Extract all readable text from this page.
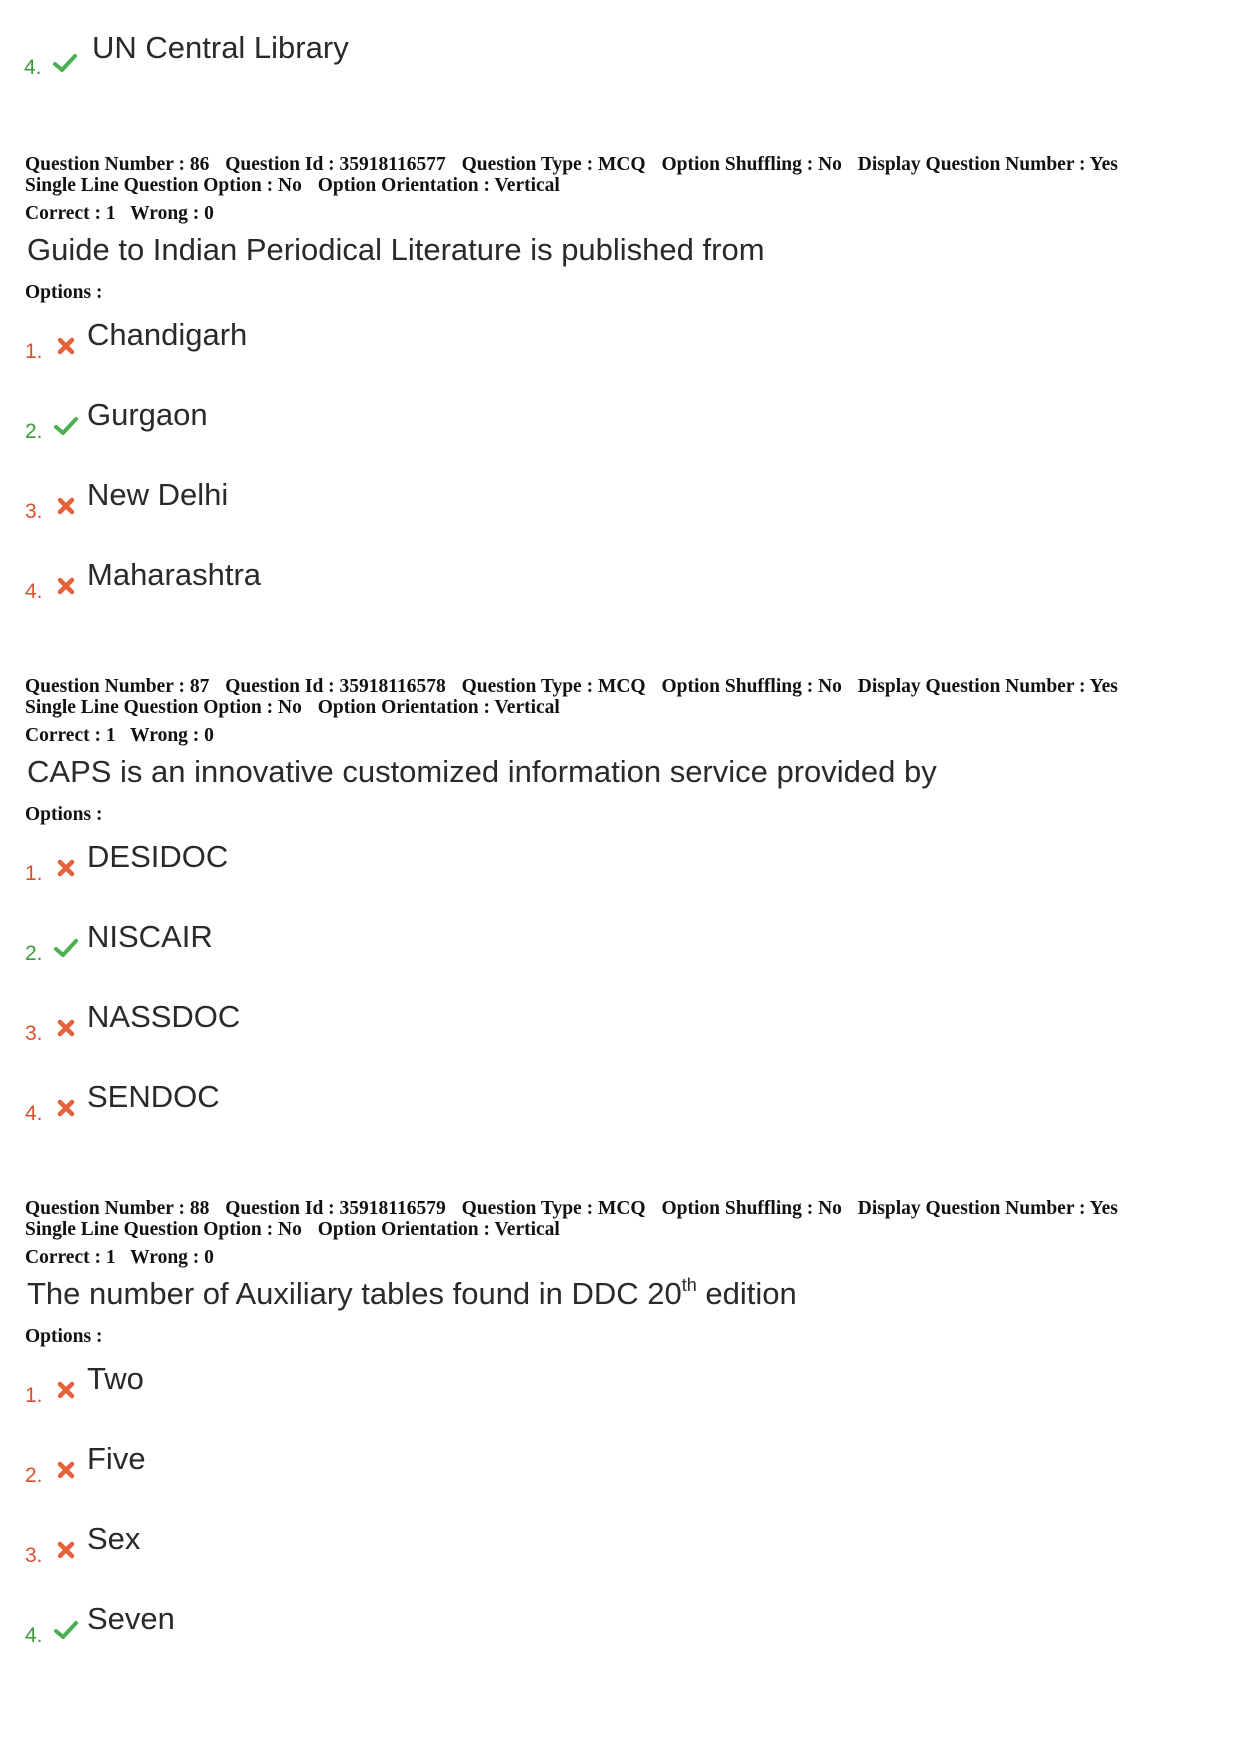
4.
UN Central Library
Question Number : 86 Question Id : 35918116577 Question Type : MCQ Option Shuffling : No Display Question Number : Yes
Single Line Question Option : No Option Orientation : Vertical
Correct : 1 Wrong : 0
Guide to Indian Periodical Literature is published from
Options :
1. Chandigarh
2. Gurgaon
3. New Delhi
4. Maharashtra
Question Number : 87 Question Id : 35918116578 Question Type : MCQ Option Shuffling : No Display Question Number : Yes
Single Line Question Option : No Option Orientation : Vertical
Correct : 1 Wrong : 0
CAPS is an innovative customized information service provided by
Options :
1. DESIDOC
2. NISCAIR
3. NASSDOC
4. SENDOC
Question Number : 88 Question Id : 35918116579 Question Type : MCQ Option Shuffling : No Display Question Number : Yes
Single Line Question Option : No Option Orientation : Vertical
Correct : 1 Wrong : 0
The number of Auxiliary tables found in DDC 20th edition
Options :
1. Two
2. Five
3. Sex
4. Seven
